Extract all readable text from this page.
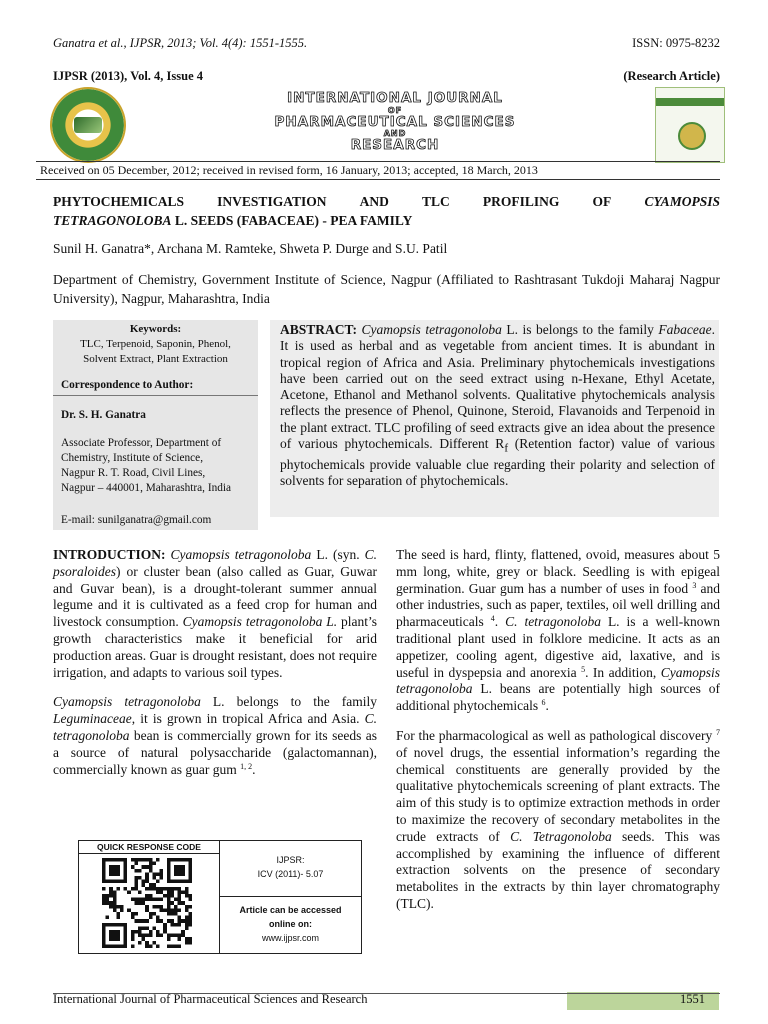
Ganatra et al., IJPSR, 2013; Vol. 4(4): 1551-1555.	ISSN: 0975-8232
IJPSR (2013), Vol. 4, Issue 4	(Research Article)
INTERNATIONAL JOURNAL
OF
PHARMACEUTICAL SCIENCES
AND
RESEARCH
Received on 05 December, 2012; received in revised form, 16 January, 2013; accepted, 18 March, 2013
PHYTOCHEMICALS INVESTIGATION AND TLC PROFILING OF CYAMOPSIS
TETRAGONOLOBA L. SEEDS (FABACEAE) - PEA FAMILY
Sunil H. Ganatra*, Archana M. Ramteke, Shweta P. Durge and S.U. Patil
Department of Chemistry, Government Institute of Science, Nagpur (Affiliated to Rashtrasant Tukdoji Maharaj Nagpur University), Nagpur, Maharashtra, India
Keywords:
TLC, Terpenoid, Saponin, Phenol,
Solvent Extract, Plant Extraction
Correspondence to Author:
Dr. S. H. Ganatra
Associate Professor, Department of
Chemistry, Institute of Science,
Nagpur R. T. Road, Civil Lines,
Nagpur – 440001, Maharashtra, India
E-mail: sunilganatra@gmail.com
ABSTRACT: Cyamopsis tetragonoloba L. is belongs to the family Fabaceae. It is used as herbal and as vegetable from ancient times. It is abundant in tropical region of Africa and Asia. Preliminary phytochemicals investigations have been carried out on the seed extract using n-Hexane, Ethyl Acetate, Acetone, Ethanol and Methanol solvents. Qualitative phytochemicals analysis reflects the presence of Phenol, Quinone, Steroid, Flavanoids and Terpenoid in the plant extract. TLC profiling of seed extracts give an idea about the presence of various phytochemicals. Different $R_f$ (Retention factor) value of various phytochemicals provide valuable clue regarding their polarity and selection of solvents for separation of phytochemicals.

INTRODUCTION: Cyamopsis tetragonoloba L. (syn. C. psoraloides) or cluster bean (also called as Guar, Guwar and Guvar bean), is a drought-tolerant summer annual legume and it is cultivated as a feed crop for human and livestock consumption. Cyamopsis tetragonoloba L. plant’s growth characteristics make it beneficial for arid production areas. Guar is drought resistant, does not require irrigation, and adapts to various soil types.

Cyamopsis tetragonoloba L. belongs to the family Leguminaceae, it is grown in tropical Africa and Asia. C. tetragonoloba bean is commercially grown for its seeds as a source of natural polysaccharide (galactomannan), commercially known as guar gum $^{1, 2}$.

QUICK RESPONSE CODE
IJPSR:
ICV (2011)- 5.07
Article can be accessed
online on:
www.ijpsr.com

The seed is hard, flinty, flattened, ovoid, measures about 5 mm long, white, grey or black. Seedling is with epigeal germination. Guar gum has a number of uses in food $^3$ and other industries, such as paper, textiles, oil well drilling and pharmaceuticals $^4$. C. tetragonoloba L. is a well-known traditional plant used in folklore medicine. It acts as an appetizer, cooling agent, digestive aid, laxative, and is useful in dyspepsia and anorexia $^5$. In addition, Cyamopsis tetragonoloba L. beans are potentially high sources of additional phytochemicals $^6$.

For the pharmacological as well as pathological discovery $^7$ of novel drugs, the essential information’s regarding the chemical constituents are generally provided by the qualitative phytochemicals screening of plant extracts. The aim of this study is to optimize extraction methods in order to maximize the recovery of secondary metabolites in the crude extracts of C. Tetragonoloba seeds. This was accomplished by examining the influence of different extraction solvents on the presence of secondary metabolites in the extracts by thin layer chromatography (TLC).

International Journal of Pharmaceutical Sciences and Research	1551
